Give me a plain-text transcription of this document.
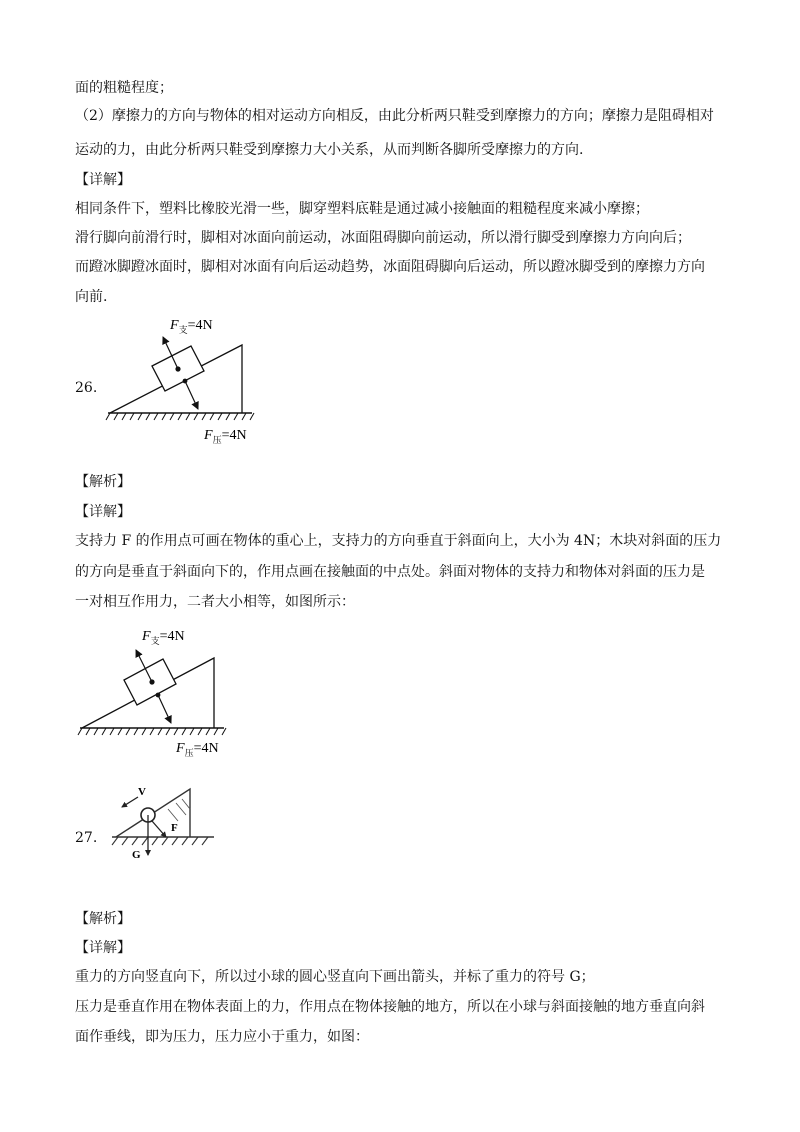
面的粗糙程度；
（2）摩擦力的方向与物体的相对运动方向相反，由此分析两只鞋受到摩擦力的方向；摩擦力是阻碍相对
运动的力，由此分析两只鞋受到摩擦力大小关系，从而判断各脚所受摩擦力的方向.
【详解】
相同条件下，塑料比橡胶光滑一些，脚穿塑料底鞋是通过减小接触面的粗糙程度来减小摩擦；
滑行脚向前滑行时，脚相对冰面向前运动，冰面阻碍脚向前运动，所以滑行脚受到摩擦力方向向后；
而蹬冰脚蹬冰面时，脚相对冰面有向后运动趋势，冰面阻碍脚向后运动，所以蹬冰脚受到的摩擦力方向
向前.
26.
$F_支=4N$
$F_压=4N$
【解析】
【详解】
支持力 F 的作用点可画在物体的重心上，支持力的方向垂直于斜面向上，大小为 4N；木块对斜面的压力
的方向是垂直于斜面向下的，作用点画在接触面的中点处。斜面对物体的支持力和物体对斜面的压力是
一对相互作用力，二者大小相等，如图所示：
$F_支=4N$
$F_压=4N$
27.
V
G
F
【解析】
【详解】
重力的方向竖直向下，所以过小球的圆心竖直向下画出箭头，并标了重力的符号 G；
压力是垂直作用在物体表面上的力，作用点在物体接触的地方，所以在小球与斜面接触的地方垂直向斜
面作垂线，即为压力，压力应小于重力，如图：
